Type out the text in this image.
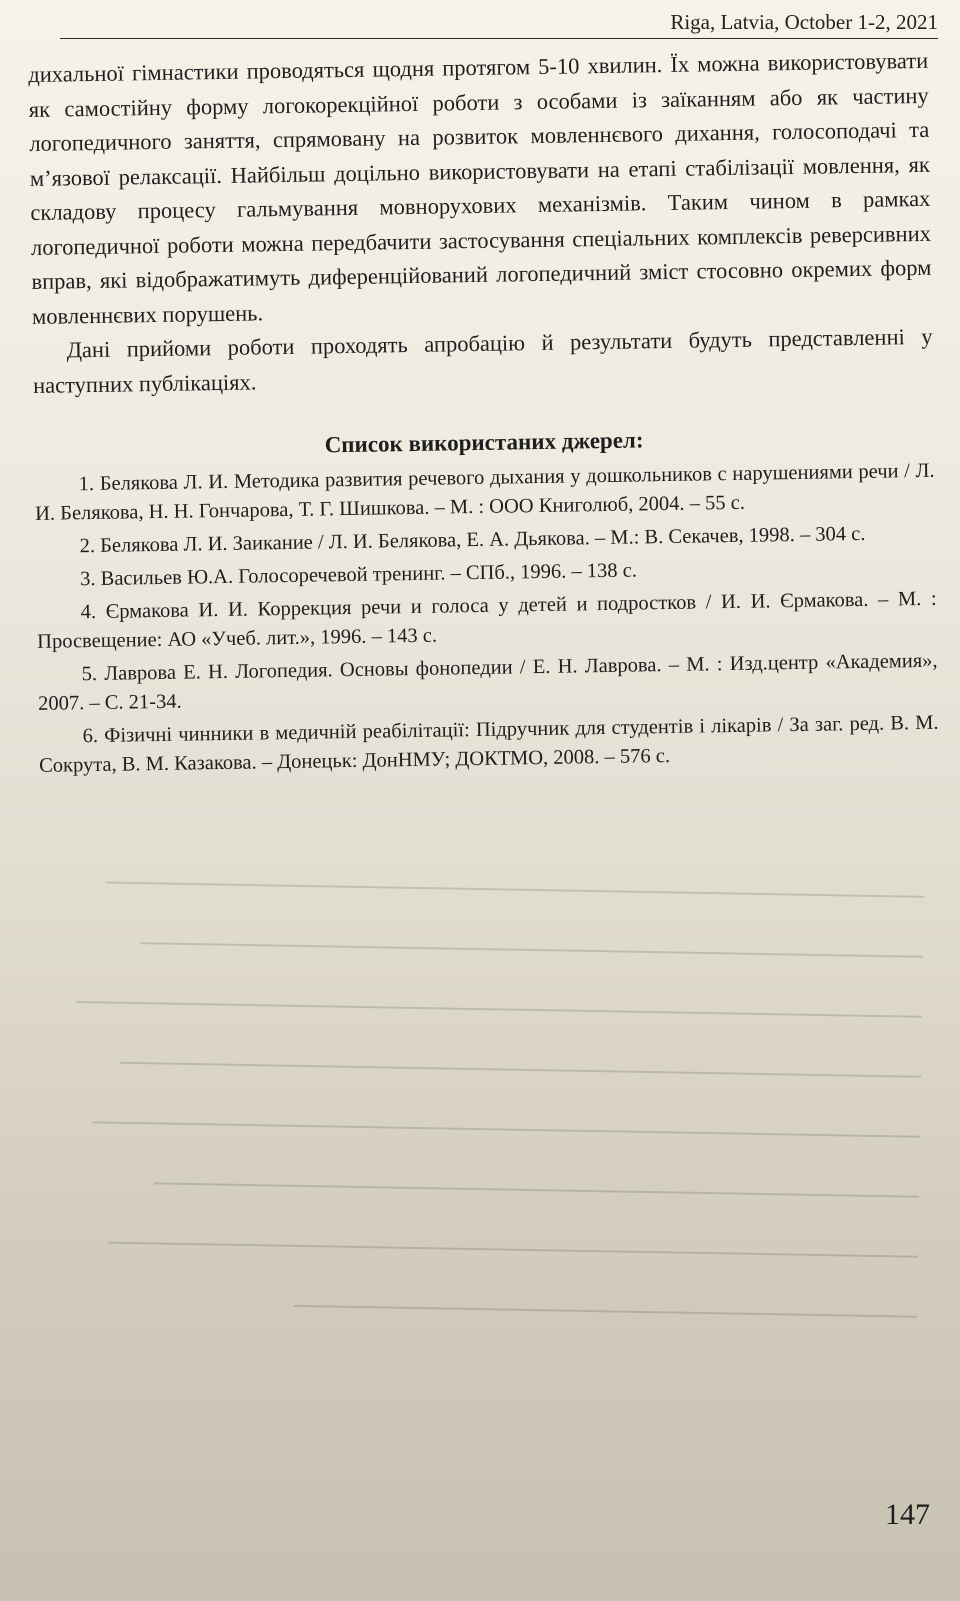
Riga, Latvia, October 1-2, 2021

дихальної гімнастики проводяться щодня протягом 5-10 хвилин. Їх можна використовувати як самостійну форму логокорекційної роботи з особами із заїканням або як частину логопедичного заняття, спрямовану на розвиток мовленнєвого дихання, голосоподачі та м’язової релаксації. Найбільш доцільно використовувати на етапі стабілізації мовлення, як складову процесу гальмування мовнорухових механізмів. Таким чином в рамках логопедичної роботи можна передбачити застосування спеціальних комплексів реверсивних вправ, які відображатимуть диференційований логопедичний зміст стосовно окремих форм мовленнєвих порушень.

Дані прийоми роботи проходять апробацію й результати будуть представленні у наступних публікаціях.

Список використаних джерел:

1. Белякова Л. И. Методика развития речевого дыхания у дошкольников с нарушениями речи / Л. И. Белякова, Н. Н. Гончарова, Т. Г. Шишкова. – М. : ООО Книголюб, 2004. – 55 с.

2. Белякова Л. И. Заикание / Л. И. Белякова, Е. А. Дьякова. – М.: В. Секачев, 1998. – 304 с.

3. Васильев Ю.А. Голосоречевой тренинг. – СПб., 1996. – 138 с.

4. Єрмакова И. И. Коррекция речи и голоса у детей и подростков / И. И. Єрмакова. – М. : Просвещение: АО «Учеб. лит.», 1996. – 143 с.

5. Лаврова Е. Н. Логопедия. Основы фонопедии / Е. Н. Лаврова. – М. : Изд.центр «Академия», 2007. – С. 21-34.

6. Фізичні чинники в медичній реабілітації: Підручник для студентів і лікарів / За заг. ред. В. М. Сокрута, В. М. Казакова. – Донецьк: ДонНМУ; ДОКТМО, 2008. – 576 с.

147
